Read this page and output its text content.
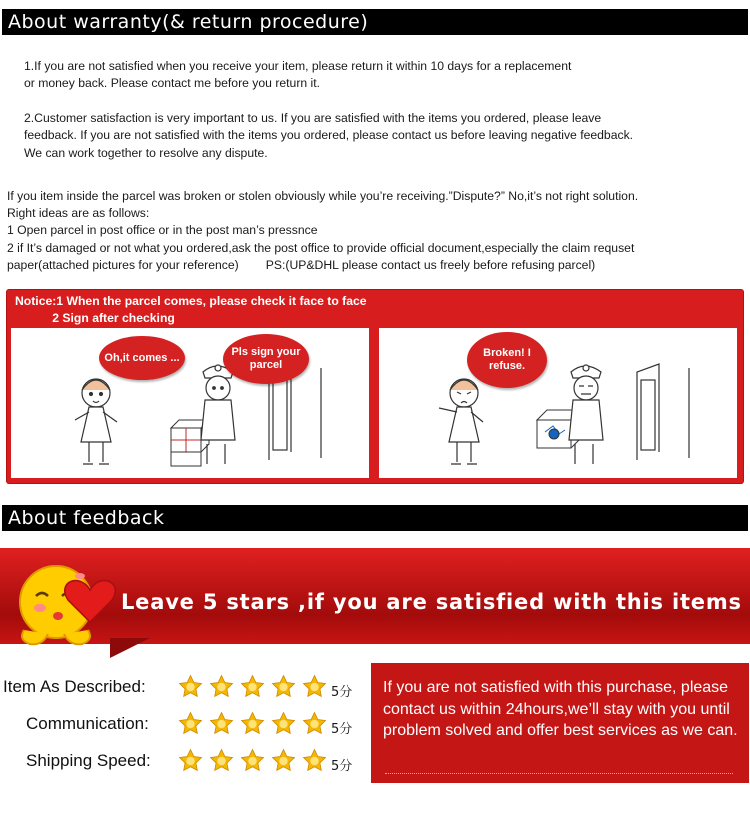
About warranty(& return procedure)
1.If you are not satisfied when you receive your item, please return it within 10 days for a replacement
or money back. Please contact me before you return it.
2.Customer satisfaction is very important to us. If you are satisfied with the items you ordered, please leave
feedback. If you are not satisfied with the items you ordered, please contact us before leaving negative feedback.
We can work together to resolve any dispute.
If you item inside the parcel was broken or stolen obviously while you’re receiving.”Dispute?” No,it’s not right solution.
Right ideas are as follows:
1 Open parcel in post office or in the post man’s pressnce
2 if It’s damaged or not what you ordered,ask the post office to provide official document,especially the claim requset
paper(attached pictures for your reference)        PS:(UP&DHL please contact us freely before refusing parcel)
Notice:1 When the parcel comes, please check it face to face
2 Sign after checking
Oh,it comes ...	Pls sign your parcel
Broken! I refuse.
About feedback
Leave 5 stars ,if you are satisfied with this items
Item As Described:	5分
Communication:	5分
Shipping Speed:	5分
If you are not satisfied with this purchase, please contact us within 24hours,we’ll stay with you until problem solved and offer best services as we can.
